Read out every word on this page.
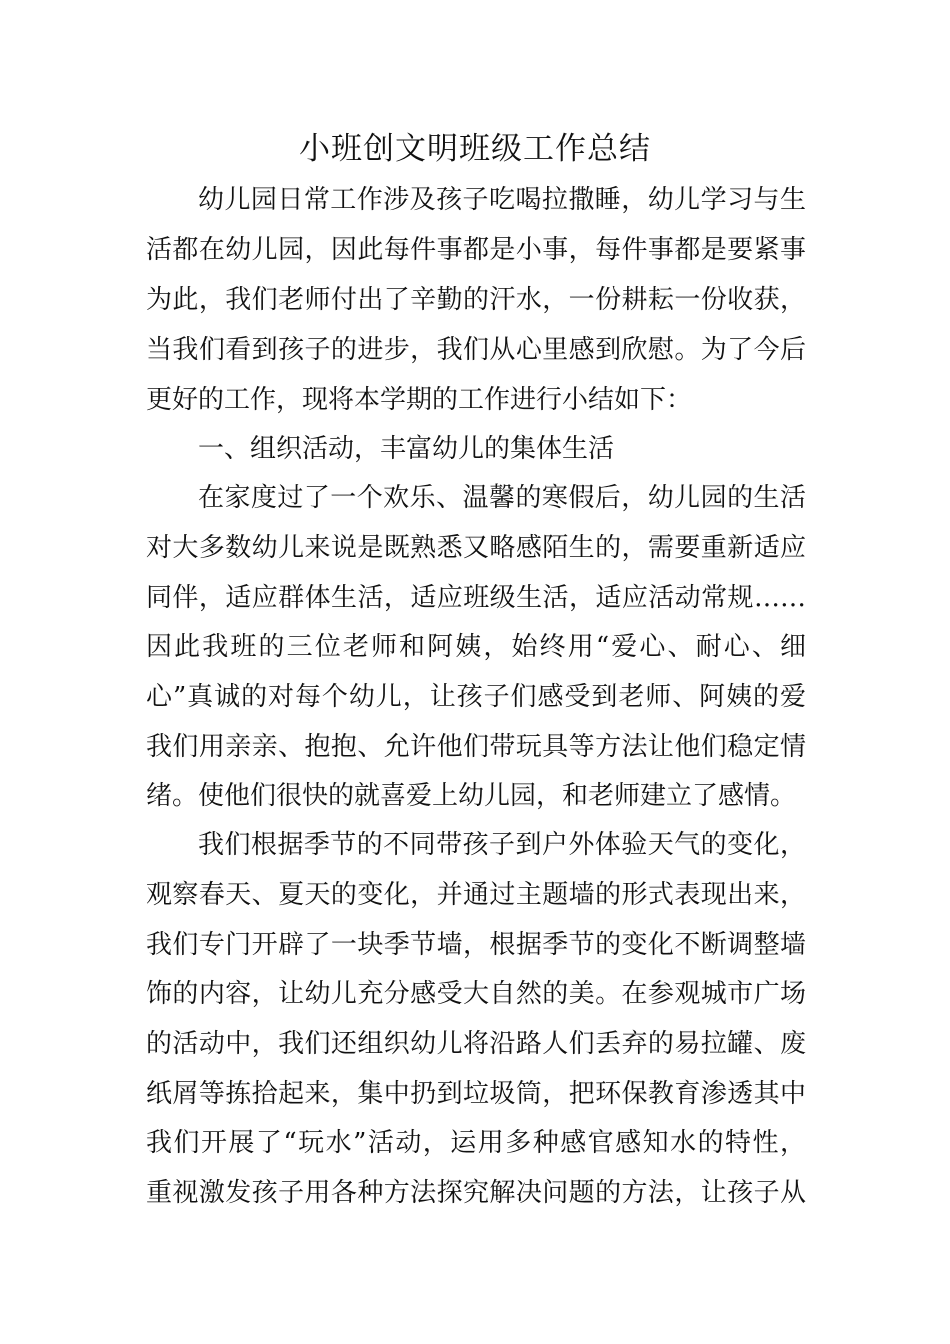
小班创文明班级工作总结
幼儿园日常工作涉及孩子吃喝拉撒睡，幼儿学习与生
活都在幼儿园，因此每件事都是小事，每件事都是要紧事
为此，我们老师付出了辛勤的汗水，一份耕耘一份收获，
当我们看到孩子的进步，我们从心里感到欣慰。为了今后
更好的工作，现将本学期的工作进行小结如下：
一、组织活动，丰富幼儿的集体生活
在家度过了一个欢乐、温馨的寒假后，幼儿园的生活
对大多数幼儿来说是既熟悉又略感陌生的，需要重新适应
同伴，适应群体生活，适应班级生活，适应活动常规……
因此我班的三位老师和阿姨，始终用“爱心、耐心、细
心”真诚的对每个幼儿，让孩子们感受到老师、阿姨的爱
我们用亲亲、抱抱、允许他们带玩具等方法让他们稳定情
绪。使他们很快的就喜爱上幼儿园，和老师建立了感情。
我们根据季节的不同带孩子到户外体验天气的变化，
观察春天、夏天的变化，并通过主题墙的形式表现出来，
我们专门开辟了一块季节墙，根据季节的变化不断调整墙
饰的内容，让幼儿充分感受大自然的美。在参观城市广场
的活动中，我们还组织幼儿将沿路人们丢弃的易拉罐、废
纸屑等拣拾起来，集中扔到垃圾筒，把环保教育渗透其中
我们开展了“玩水”活动，运用多种感官感知水的特性，
重视激发孩子用各种方法探究解决问题的方法，让孩子从
